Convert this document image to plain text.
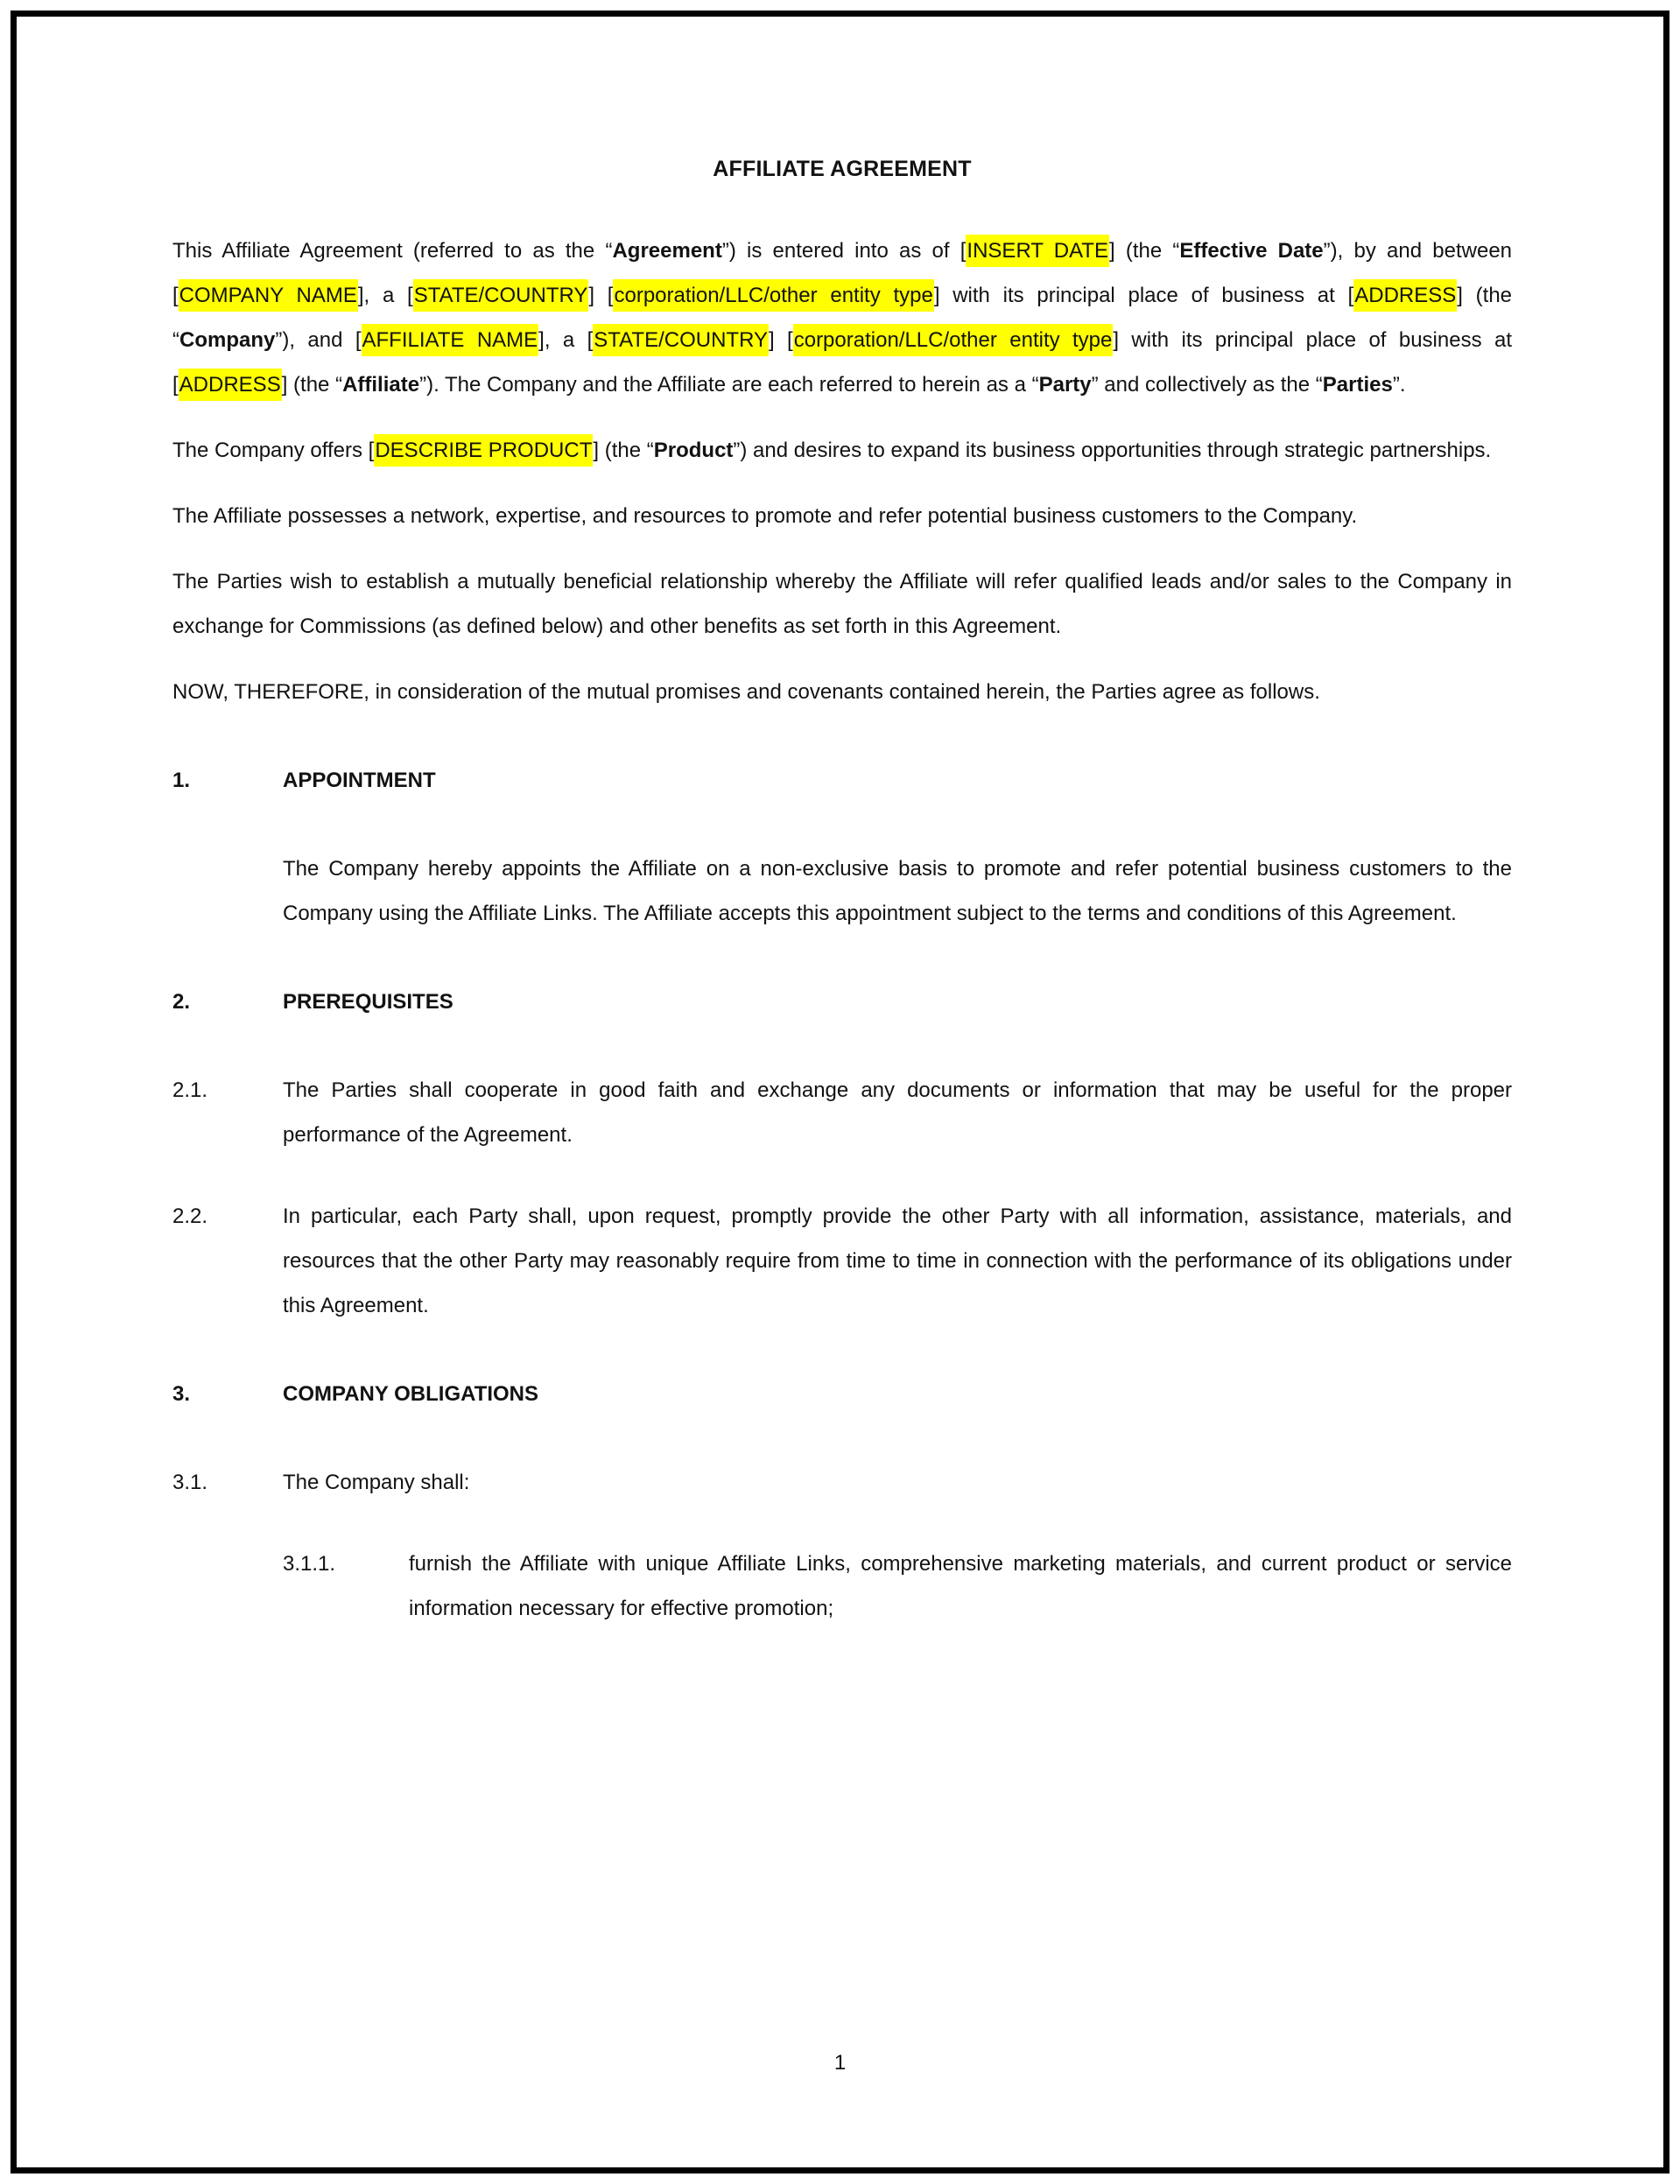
AFFILIATE AGREEMENT

This Affiliate Agreement (referred to as the “Agreement”) is entered into as of [INSERT DATE] (the “Effective Date”), by and between [COMPANY NAME], a [STATE/COUNTRY] [corporation/LLC/other entity type] with its principal place of business at [ADDRESS] (the “Company”), and [AFFILIATE NAME], a [STATE/COUNTRY] [corporation/LLC/other entity type] with its principal place of business at [ADDRESS] (the “Affiliate”). The Company and the Affiliate are each referred to herein as a “Party” and collectively as the “Parties”.

The Company offers [DESCRIBE PRODUCT] (the “Product”) and desires to expand its business opportunities through strategic partnerships.

The Affiliate possesses a network, expertise, and resources to promote and refer potential business customers to the Company.

The Parties wish to establish a mutually beneficial relationship whereby the Affiliate will refer qualified leads and/or sales to the Company in exchange for Commissions (as defined below) and other benefits as set forth in this Agreement.

NOW, THEREFORE, in consideration of the mutual promises and covenants contained herein, the Parties agree as follows.

1.	APPOINTMENT

The Company hereby appoints the Affiliate on a non-exclusive basis to promote and refer potential business customers to the Company using the Affiliate Links. The Affiliate accepts this appointment subject to the terms and conditions of this Agreement.

2.	PREREQUISITES
2.1.	The Parties shall cooperate in good faith and exchange any documents or information that may be useful for the proper performance of the Agreement.
2.2.	In particular, each Party shall, upon request, promptly provide the other Party with all information, assistance, materials, and resources that the other Party may reasonably require from time to time in connection with the performance of its obligations under this Agreement.
3.	COMPANY OBLIGATIONS
3.1.	The Company shall:
3.1.1.	furnish the Affiliate with unique Affiliate Links, comprehensive marketing materials, and current product or service information necessary for effective promotion;
1
